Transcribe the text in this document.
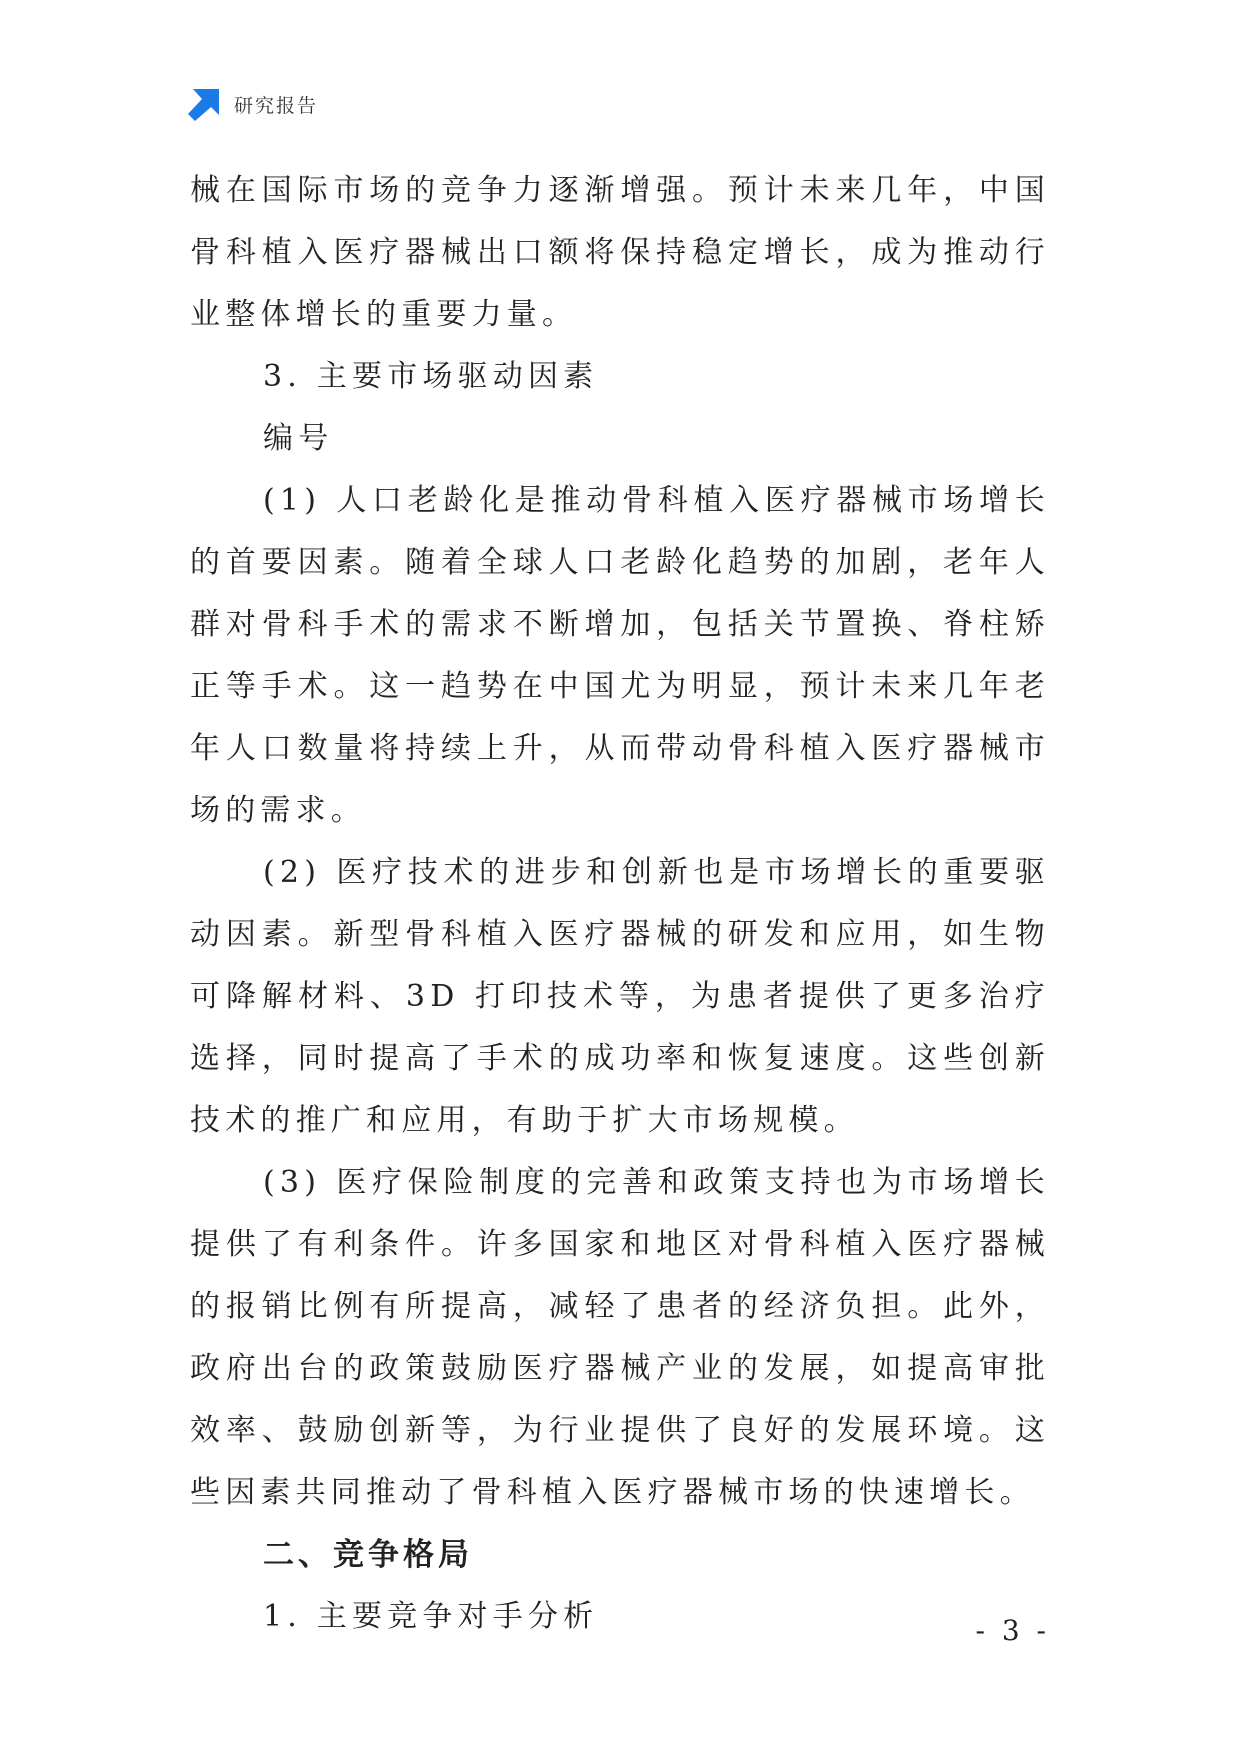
研究报告

械在国际市场的竞争力逐渐增强。预计未来几年，中国骨科植入医疗器械出口额将保持稳定增长，成为推动行业整体增长的重要力量。

3. 主要市场驱动因素

编号

(1) 人口老龄化是推动骨科植入医疗器械市场增长的首要因素。随着全球人口老龄化趋势的加剧，老年人群对骨科手术的需求不断增加，包括关节置换、脊柱矫正等手术。这一趋势在中国尤为明显，预计未来几年老年人口数量将持续上升，从而带动骨科植入医疗器械市场的需求。

(2) 医疗技术的进步和创新也是市场增长的重要驱动因素。新型骨科植入医疗器械的研发和应用，如生物可降解材料、3D 打印技术等，为患者提供了更多治疗选择，同时提高了手术的成功率和恢复速度。这些创新技术的推广和应用，有助于扩大市场规模。

(3) 医疗保险制度的完善和政策支持也为市场增长提供了有利条件。许多国家和地区对骨科植入医疗器械的报销比例有所提高，减轻了患者的经济负担。此外，政府出台的政策鼓励医疗器械产业的发展，如提高审批效率、鼓励创新等，为行业提供了良好的发展环境。这些因素共同推动了骨科植入医疗器械市场的快速增长。

二、竞争格局

1. 主要竞争对手分析	- 3 -
